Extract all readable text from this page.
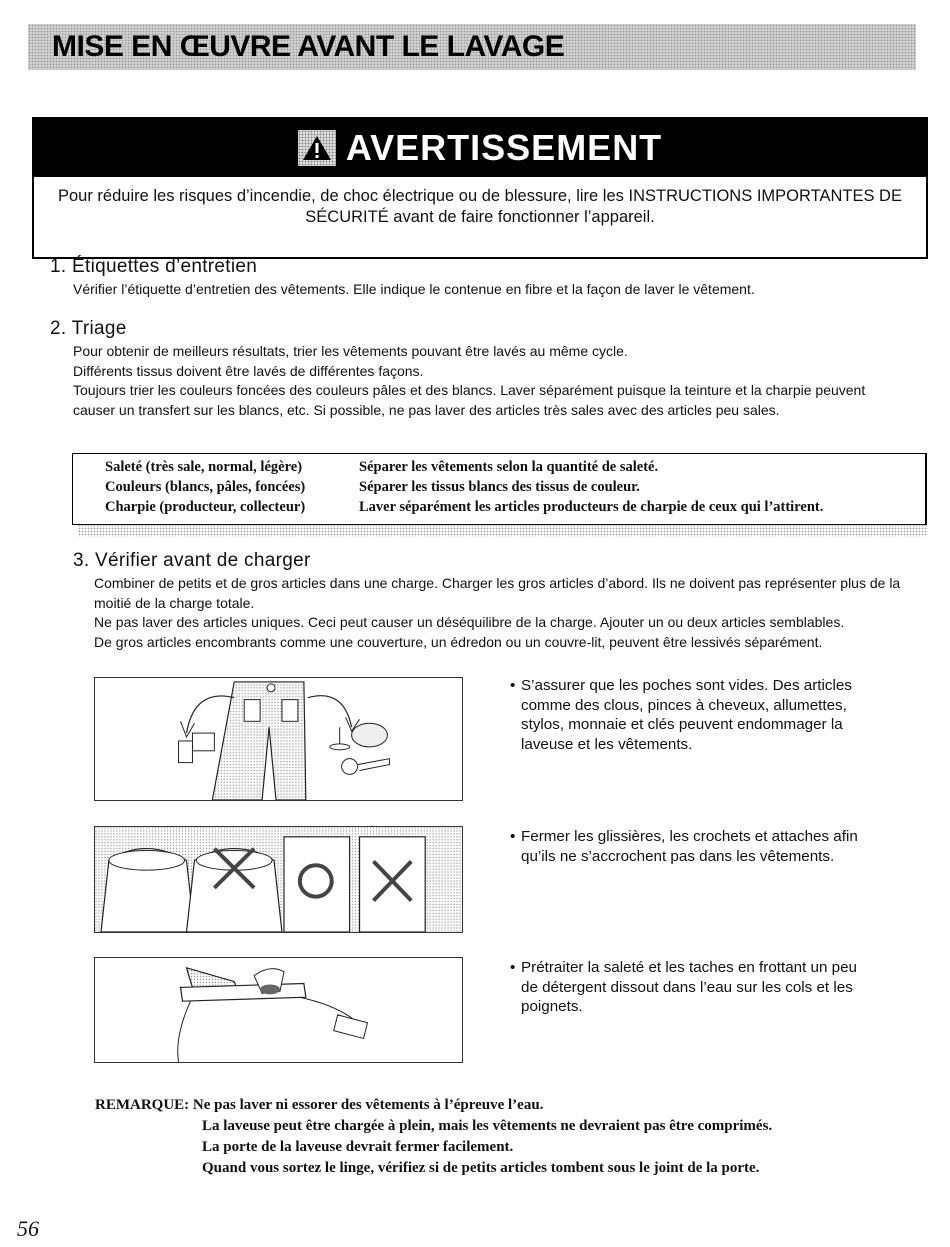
MISE EN ŒUVRE AVANT LE LAVAGE
AVERTISSEMENT
Pour réduire les risques d’incendie, de choc électrique ou de blessure, lire les INSTRUCTIONS IMPORTANTES DE SÉCURITÉ avant de faire fonctionner l’appareil.
1. Étiquettes d’entretien

Vérifier l’étiquette d’entretien des vêtements. Elle indique le contenue en fibre et la façon de laver le vêtement.

2. Triage

Pour obtenir de meilleurs résultats, trier les vêtements pouvant être lavés au même cycle.

Différents tissus doivent être lavés de différentes façons.

Toujours trier les couleurs foncées des couleurs pâles et des blancs. Laver séparément puisque la teinture et la charpie peuvent causer un transfert sur les blancs, etc. Si possible, ne pas laver des articles très sales avec des articles peu sales.

Saleté (très sale, normal, légère)	Séparer les vêtements selon la quantité de saleté.
Couleurs (blancs, pâles, foncées)	Séparer les tissus blancs des tissus de couleur.
Charpie (producteur, collecteur)	Laver séparément les articles producteurs de charpie de ceux qui l’attirent.
3. Vérifier avant de charger

Combiner de petits et de gros articles dans une charge. Charger les gros articles d’abord. Ils ne doivent pas représenter plus de la moitié de la charge totale.

Ne pas laver des articles uniques. Ceci peut causer un déséquilibre de la charge. Ajouter un ou deux articles semblables.

De gros articles encombrants comme une couverture, un édredon ou un couvre-lit, peuvent être lessivés séparément.

• S’assurer que les poches sont vides. Des articles comme des clous, pinces à cheveux, allumettes, stylos, monnaie et clés peuvent endommager la laveuse et les vêtements.
• Fermer les glissières, les crochets et attaches afin qu’ils ne s’accrochent pas dans les vêtements.
• Prétraiter la saleté et les taches en frottant un peu de détergent dissout dans l’eau sur les cols et les poignets.
REMARQUE: Ne pas laver ni essorer des vêtements à l’épreuve l’eau.
La laveuse peut être chargée à plein, mais les vêtements ne devraient pas être comprimés.
La porte de la laveuse devrait fermer facilement.
Quand vous sortez le linge, vérifiez si de petits articles tombent sous le joint de la porte.
56
